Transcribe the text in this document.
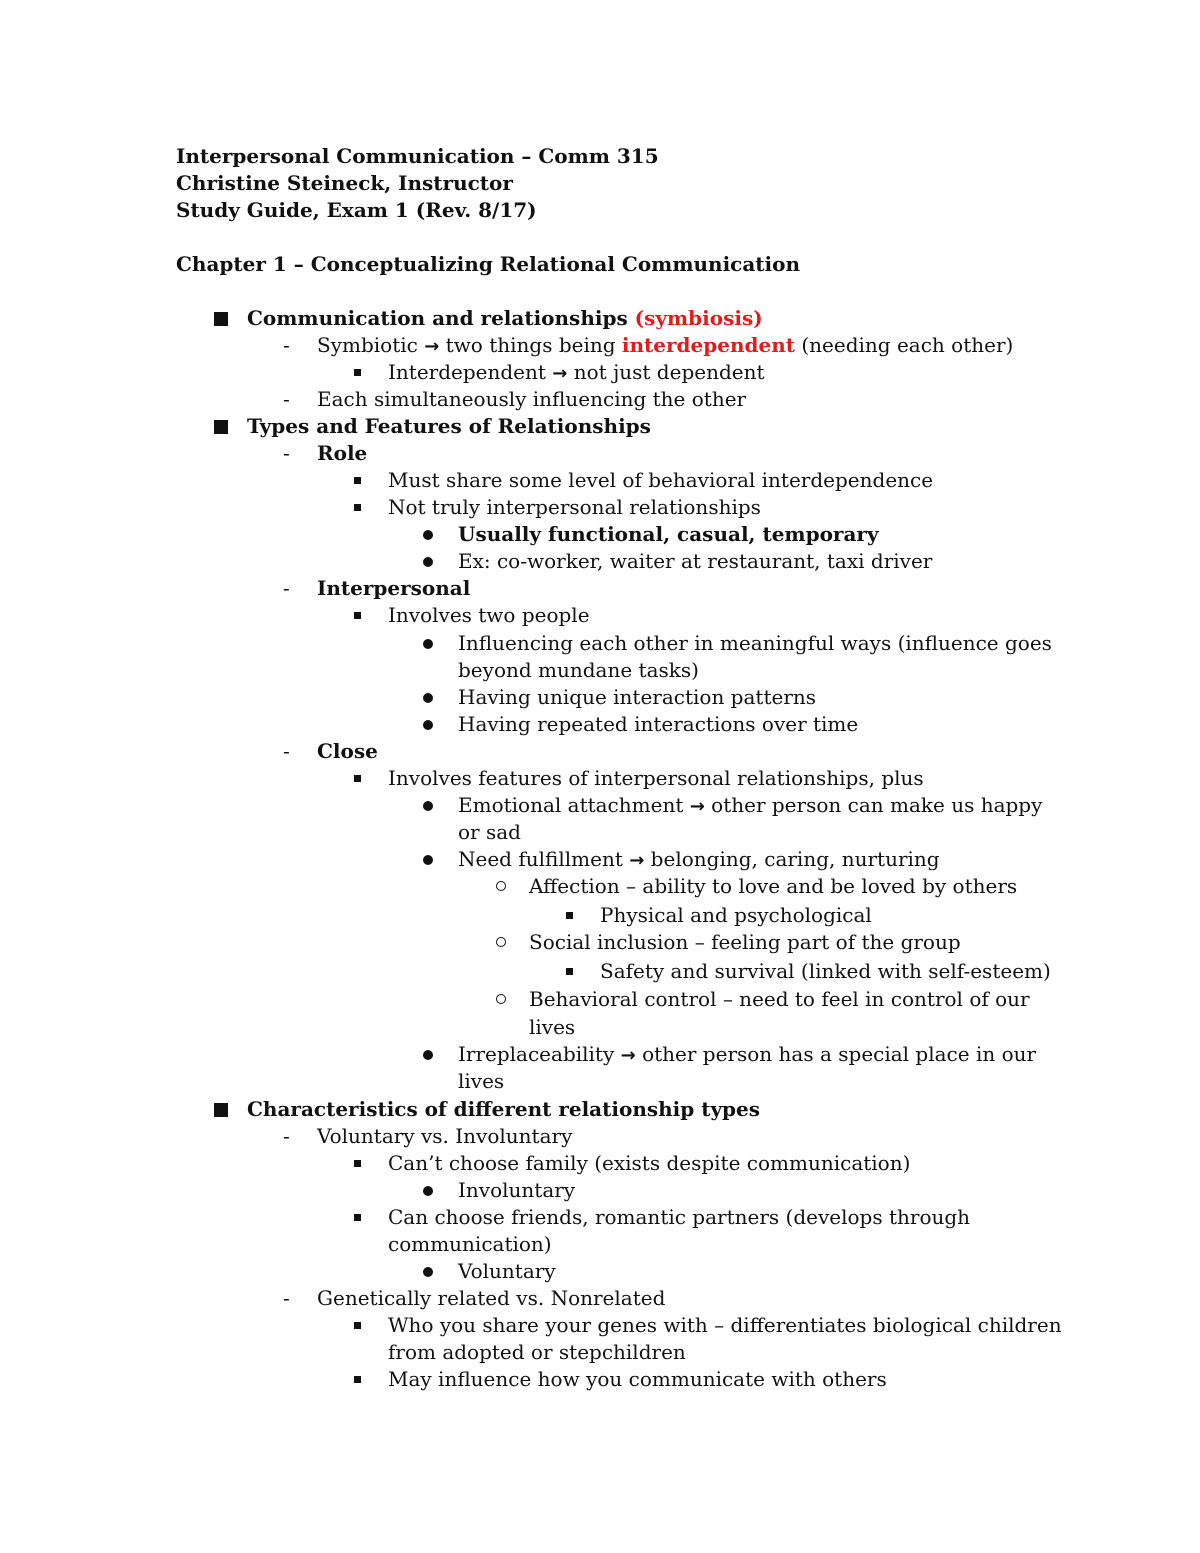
Interpersonal Communication – Comm 315
Christine Steineck, Instructor
Study Guide, Exam 1 (Rev. 8/17)
Chapter 1 – Conceptualizing Relational Communication
Communication and relationships (symbiosis)
- Symbiotic → two things being interdependent (needing each other)
Interdependent → not just dependent
- Each simultaneously influencing the other
Types and Features of Relationships
- Role
Must share some level of behavioral interdependence
Not truly interpersonal relationships
Usually functional, casual, temporary
Ex: co-worker, waiter at restaurant, taxi driver
- Interpersonal
Involves two people
Influencing each other in meaningful ways (influence goes
beyond mundane tasks)
Having unique interaction patterns
Having repeated interactions over time
- Close
Involves features of interpersonal relationships, plus
Emotional attachment → other person can make us happy
or sad
Need fulfillment → belonging, caring, nurturing
Affection – ability to love and be loved by others
Physical and psychological
Social inclusion – feeling part of the group
Safety and survival (linked with self-esteem)
Behavioral control – need to feel in control of our
lives
Irreplaceability → other person has a special place in our
lives
Characteristics of different relationship types
- Voluntary vs. Involuntary
Can’t choose family (exists despite communication)
Involuntary
Can choose friends, romantic partners (develops through
communication)
Voluntary
- Genetically related vs. Nonrelated
Who you share your genes with – differentiates biological children
from adopted or stepchildren
May influence how you communicate with others
